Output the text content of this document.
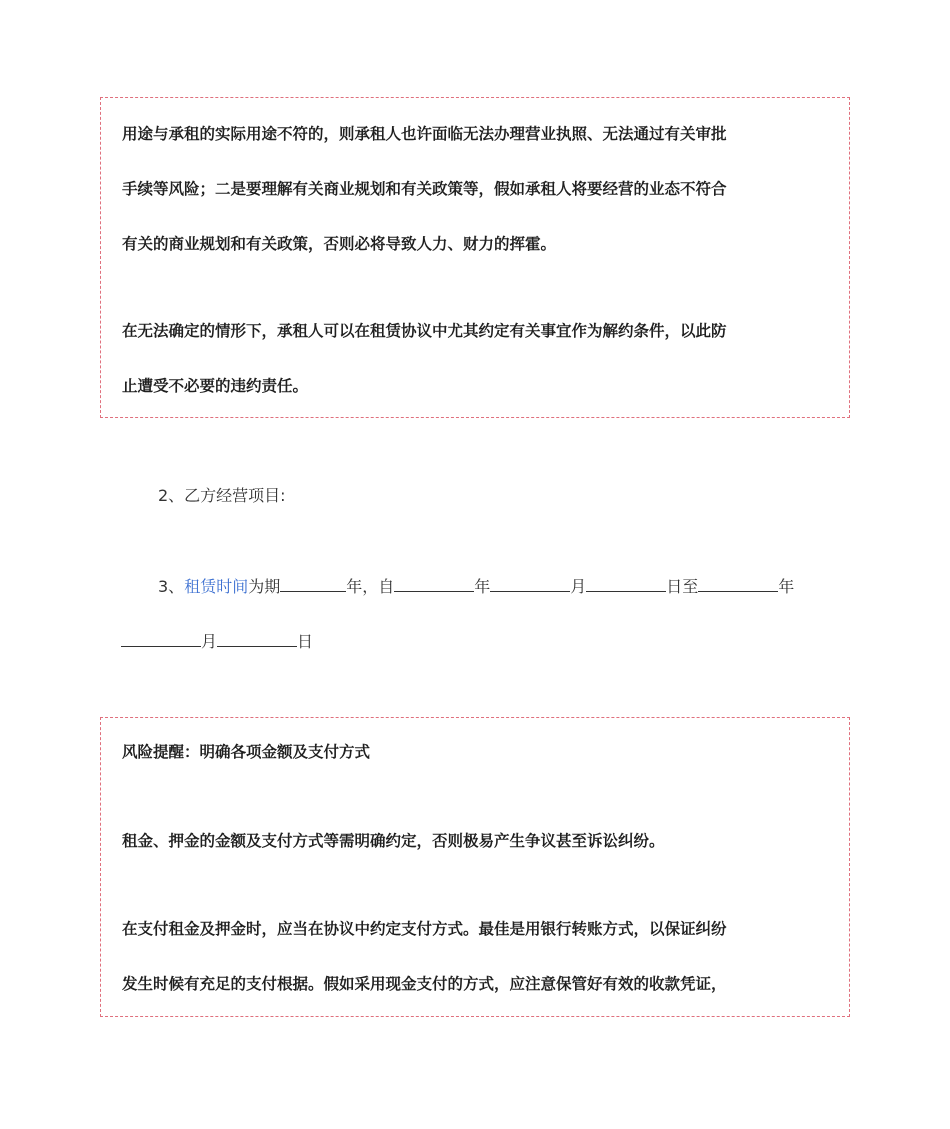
用途与承租的实际用途不符的，则承租人也许面临无法办理营业执照、无法通过有关审批

手续等风险；二是要理解有关商业规划和有关政策等，假如承租人将要经营的业态不符合

有关的商业规划和有关政策，否则必将导致人力、财力的挥霍。

在无法确定的情形下，承租人可以在租赁协议中尤其约定有关事宜作为解约条件，以此防

止遭受不必要的违约责任。

2、乙方经营项目:

3、租赁时间为期	年，自	年	月	日至	年

月	日

风险提醒：明确各项金额及支付方式

租金、押金的金额及支付方式等需明确约定，否则极易产生争议甚至诉讼纠纷。

在支付租金及押金时，应当在协议中约定支付方式。最佳是用银行转账方式，以保证纠纷

发生时候有充足的支付根据。假如采用现金支付的方式，应注意保管好有效的收款凭证，
